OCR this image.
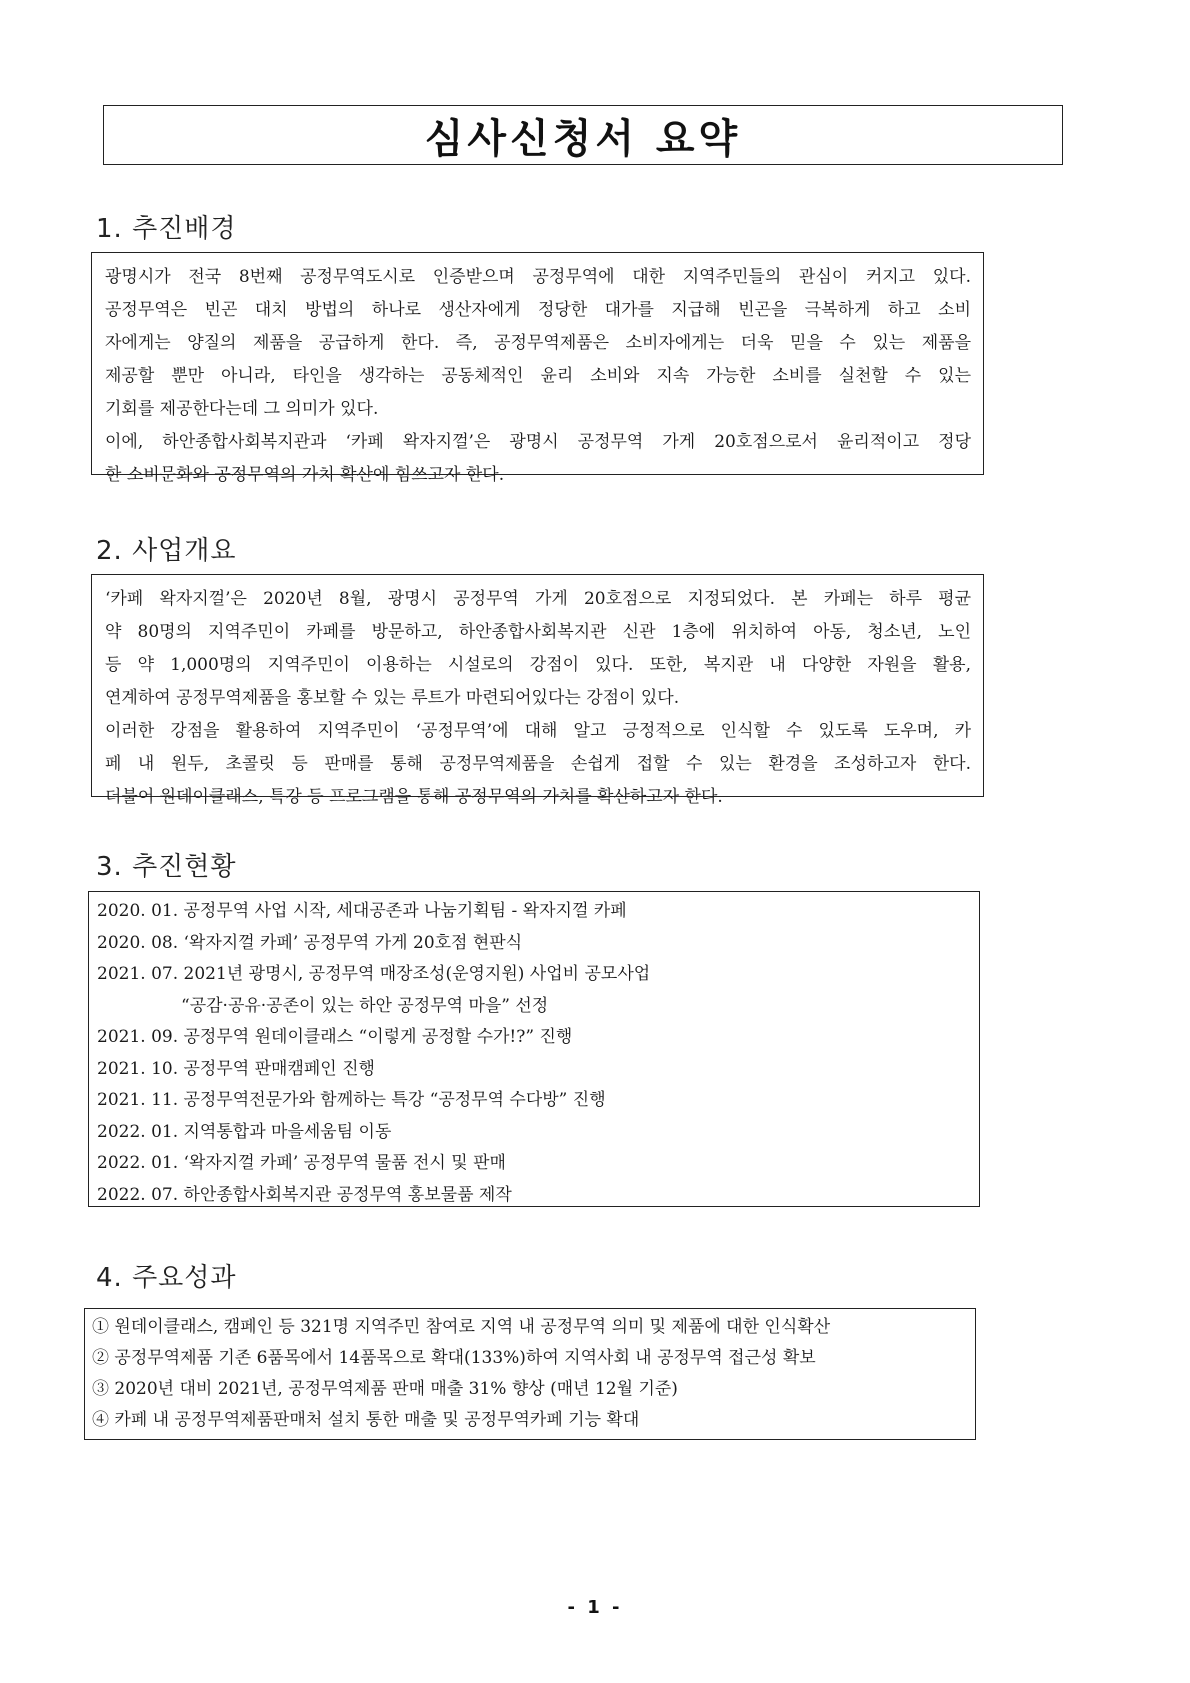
심사신청서 요약
1. 추진배경

광명시가 전국 8번째 공정무역도시로 인증받으며 공정무역에 대한 지역주민들의 관심이 커지고 있다.

공정무역은 빈곤 대치 방법의 하나로 생산자에게 정당한 대가를 지급해 빈곤을 극복하게 하고 소비

자에게는 양질의 제품을 공급하게 한다. 즉, 공정무역제품은 소비자에게는 더욱 믿을 수 있는 제품을

제공할 뿐만 아니라, 타인을 생각하는 공동체적인 윤리 소비와 지속 가능한 소비를 실천할 수 있는

기회를 제공한다는데 그 의미가 있다.

이에, 하안종합사회복지관과 ‘카페 왁자지껄’은 광명시 공정무역 가게 20호점으로서 윤리적이고 정당

한 소비문화와 공정무역의 가치 확산에 힘쓰고자 한다.

2. 사업개요

‘카페 왁자지껄’은 2020년 8월, 광명시 공정무역 가게 20호점으로 지정되었다. 본 카페는 하루 평균

약 80명의 지역주민이 카페를 방문하고, 하안종합사회복지관 신관 1층에 위치하여 아동, 청소년, 노인

등 약 1,000명의 지역주민이 이용하는 시설로의 강점이 있다. 또한, 복지관 내 다양한 자원을 활용,

연계하여 공정무역제품을 홍보할 수 있는 루트가 마련되어있다는 강점이 있다.

이러한 강점을 활용하여 지역주민이 ‘공정무역’에 대해 알고 긍정적으로 인식할 수 있도록 도우며, 카

페 내 원두, 초콜릿 등 판매를 통해 공정무역제품을 손쉽게 접할 수 있는 환경을 조성하고자 한다.

더불어 원데이클래스, 특강 등 프로그램을 통해 공정무역의 가치를 확산하고자 한다.

3. 추진현황
2020. 01. 공정무역 사업 시작, 세대공존과 나눔기획팀 - 왁자지껄 카페
2020. 08. ‘왁자지껄 카페’ 공정무역 가게 20호점 현판식
2021. 07. 2021년 광명시, 공정무역 매장조성(운영지원) 사업비 공모사업
“공감·공유·공존이 있는 하안 공정무역 마을” 선정
2021. 09. 공정무역 원데이클래스 “이렇게 공정할 수가!?” 진행
2021. 10. 공정무역 판매캠페인 진행
2021. 11. 공정무역전문가와 함께하는 특강 “공정무역 수다방” 진행
2022. 01. 지역통합과 마을세움팀 이동
2022. 01. ‘왁자지껄 카페’ 공정무역 물품 전시 및 판매
2022. 07. 하안종합사회복지관 공정무역 홍보물품 제작
4. 주요성과
① 원데이클래스, 캠페인 등 321명 지역주민 참여로 지역 내 공정무역 의미 및 제품에 대한 인식확산
② 공정무역제품 기존 6품목에서 14품목으로 확대(133%)하여 지역사회 내 공정무역 접근성 확보
③ 2020년 대비 2021년, 공정무역제품 판매 매출 31% 향상 (매년 12월 기준)
④ 카페 내 공정무역제품판매처 설치 통한 매출 및 공정무역카페 기능 확대
- 1 -
